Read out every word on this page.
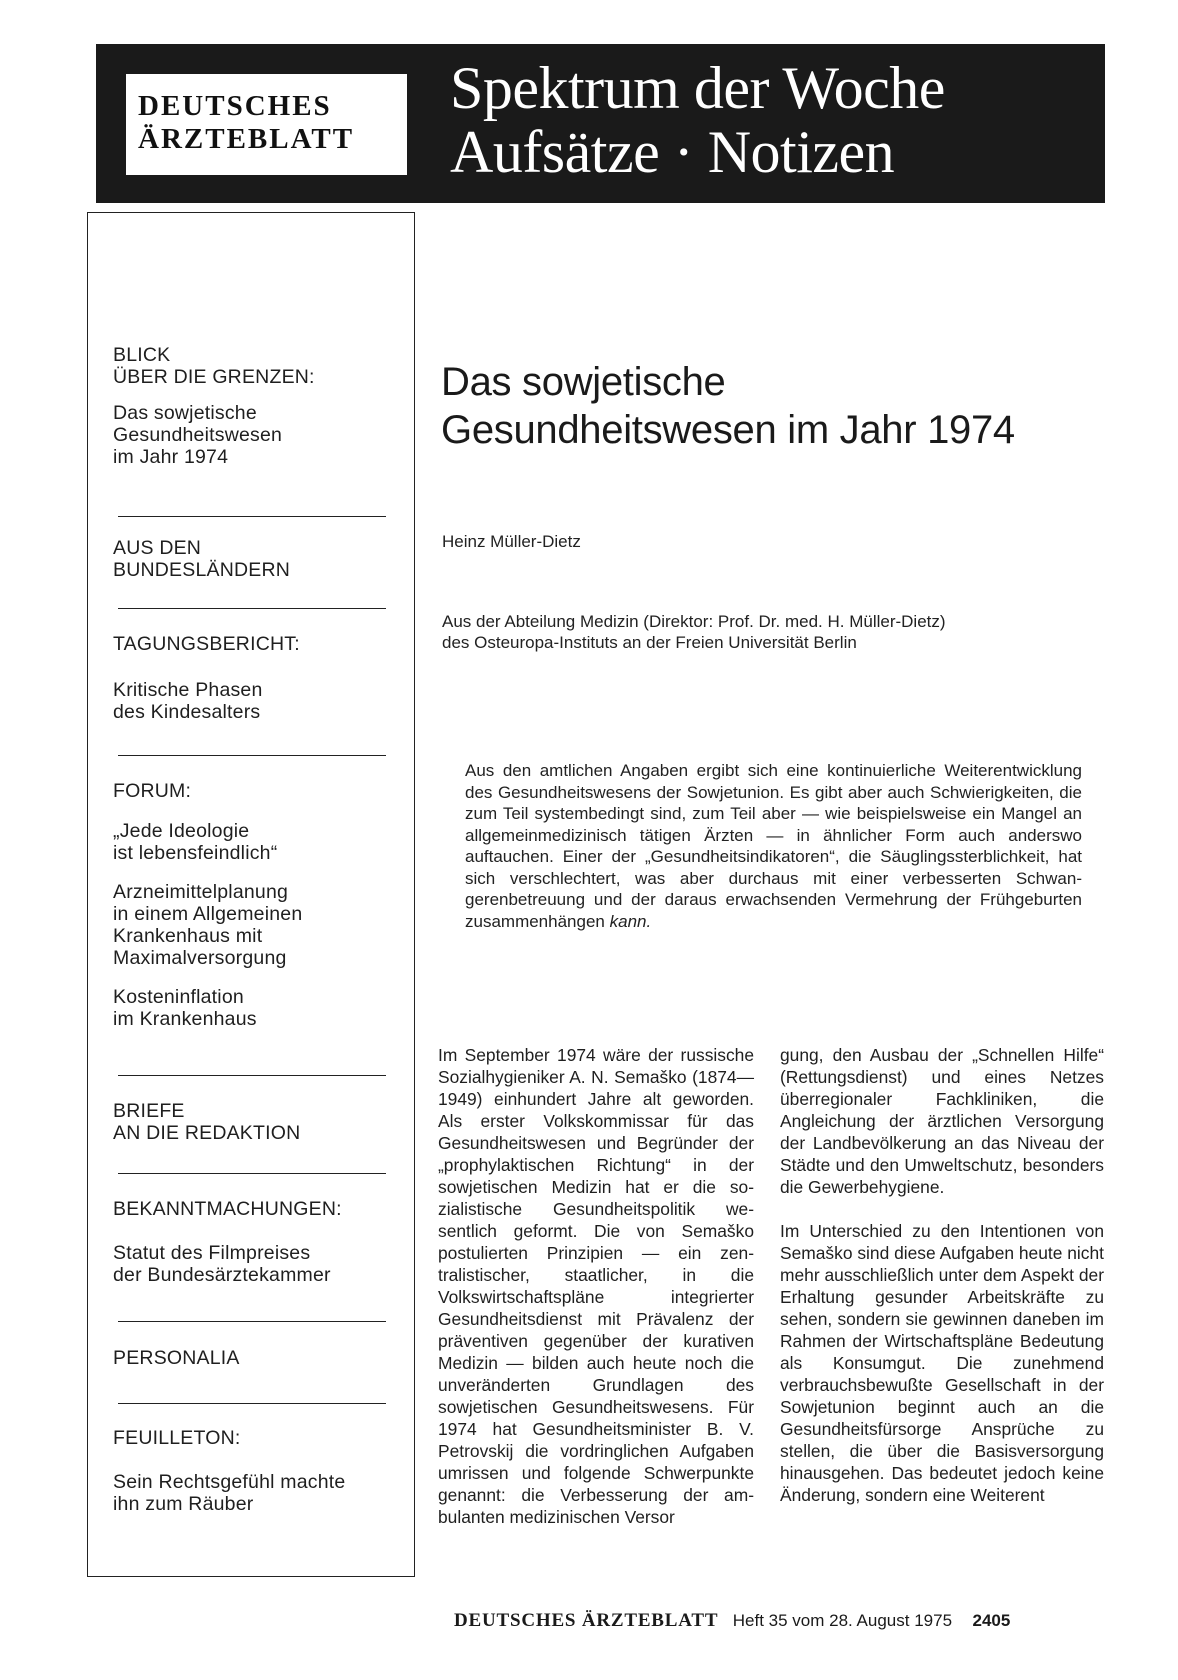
DEUTSCHES
ÄRZTEBLATT
Spektrum der Woche
Aufsätze · Notizen
BLICK
ÜBER DIE GRENZEN:
Das sowjetische
Gesundheitswesen
im Jahr 1974
AUS DEN
BUNDESLÄNDERN
TAGUNGSBERICHT:
Kritische Phasen
des Kindesalters
FORUM:
„Jede Ideologie
ist lebensfeindlich“
Arzneimittelplanung
in einem Allgemeinen
Krankenhaus mit
Maximalversorgung
Kosteninflation
im Krankenhaus
BRIEFE
AN DIE REDAKTION
BEKANNTMACHUNGEN:
Statut des Filmpreises
der Bundesärztekammer
PERSONALIA
FEUILLETON:
Sein Rechtsgefühl machte
ihn zum Räuber
Das sowjetische
Gesundheitswesen im Jahr 1974
Heinz Müller-Dietz
Aus der Abteilung Medizin (Direktor: Prof. Dr. med. H. Müller-Dietz)
des Osteuropa-Instituts an der Freien Universität Berlin
Aus den amtlichen Angaben ergibt sich eine kontinuierliche Weiterentwicklung des Gesundheitswesens der Sowjetunion. Es gibt aber auch Schwierigkeiten, die zum Teil systembedingt sind, zum Teil aber — wie beispielsweise ein Mangel an allgemeinmedizinisch tätigen Ärzten — in ähnlicher Form auch anderswo auftauchen. Einer der „Gesundheitsindikatoren“, die Säuglingssterblichkeit, hat sich verschlechtert, was aber durchaus mit einer verbesserten Schwangerenbetreuung und der daraus erwachsenden Vermehrung der Frühgeburten zusammenhängen kann.

Im September 1974 wäre der russische Sozialhygieniker A. N. Semaško (1874—1949) einhundert Jahre alt geworden. Als erster Volkskommissar für das Gesundheitswesen und Begründer der „prophylaktischen Richtung“ in der sowjetischen Medizin hat er die sozialistische Gesundheitspolitik wesentlich geformt. Die von Semaško postulierten Prinzipien — ein zentralistischer, staatlicher, in die Volkswirtschaftspläne integrierter Gesundheitsdienst mit Prävalenz der präventiven gegenüber der kurativen Medizin — bilden auch heute noch die unveränderten Grundlagen des sowjetischen Gesundheitswesens. Für 1974 hat Gesundheitsminister B. V. Petrovskij die vordringlichen Aufgaben umrissen und folgende Schwerpunkte genannt: die Verbesserung der ambulanten medizinischen Versor

gung, den Ausbau der „Schnellen Hilfe“ (Rettungsdienst) und eines Netzes überregionaler Fachkliniken, die Angleichung der ärztlichen Versorgung der Landbevölkerung an das Niveau der Städte und den Umweltschutz, besonders die Gewerbehygiene.

Im Unterschied zu den Intentionen von Semaško sind diese Aufgaben heute nicht mehr ausschließlich unter dem Aspekt der Erhaltung gesunder Arbeitskräfte zu sehen, sondern sie gewinnen daneben im Rahmen der Wirtschaftspläne Bedeutung als Konsumgut. Die zunehmend verbrauchsbewußte Gesellschaft in der Sowjetunion beginnt auch an die Gesundheitsfürsorge Ansprüche zu stellen, die über die Basisversorgung hinausgehen. Das bedeutet jedoch keine Änderung, sondern eine Weiterent

DEUTSCHES ÄRZTEBLATT Heft 35 vom 28. August 1975 2405
